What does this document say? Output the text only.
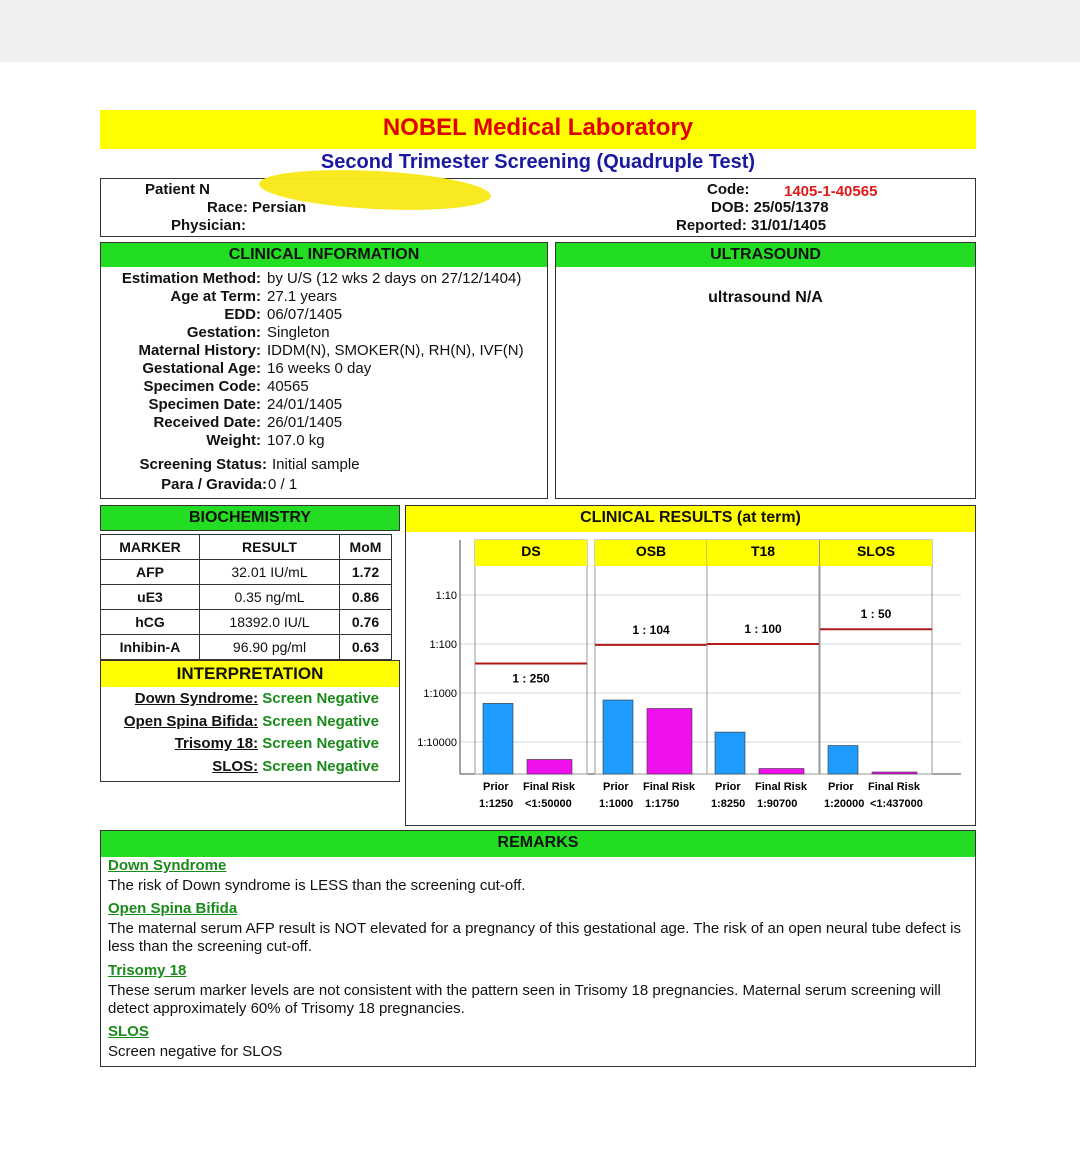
NOBEL Medical Laboratory
Second Trimester Screening (Quadruple Test)
Patient N
Race: Persian
Physician:
Code: 1405-1-40565
DOB: 25/05/1378
Reported: 31/01/1405
CLINICAL INFORMATION
Estimation Method: by U/S (12 wks 2 days on 27/12/1404)
Age at Term: 27.1 years
EDD: 06/07/1405
Gestation: Singleton
Maternal History: IDDM(N), SMOKER(N), RH(N), IVF(N)
Gestational Age: 16 weeks 0 day
Specimen Code: 40565
Specimen Date: 24/01/1405
Received Date: 26/01/1405
Weight: 107.0 kg
Screening Status: Initial sample
Para / Gravida: 0 / 1
ULTRASOUND
ultrasound N/A
BIOCHEMISTRY
MARKER	RESULT	MoM
AFP	32.01 IU/mL	1.72
uE3	0.35 ng/mL	0.86
hCG	18392.0 IU/L	0.76
Inhibin-A	96.90 pg/ml	0.63
INTERPRETATION
Down Syndrome: Screen Negative
Open Spina Bifida: Screen Negative
Trisomy 18: Screen Negative
SLOS: Screen Negative
CLINICAL RESULTS (at term)
1:10
1:100
1:1000
1:10000
DS
1 : 250
Prior Final Risk
1:1250 <1:50000
OSB
1 : 104
Prior Final Risk
1:1000 1:1750
T18
1 : 100
Prior Final Risk
1:8250 1:90700
SLOS
1 : 50
Prior Final Risk
1:20000 <1:437000
REMARKS
Down Syndrome
The risk of Down syndrome is LESS than the screening cut-off.
Open Spina Bifida
The maternal serum AFP result is NOT elevated for a pregnancy of this gestational age. The risk of an open neural tube defect is less than the screening cut-off.
Trisomy 18
These serum marker levels are not consistent with the pattern seen in Trisomy 18 pregnancies. Maternal serum screening will detect approximately 60% of Trisomy 18 pregnancies.
SLOS
Screen negative for SLOS
